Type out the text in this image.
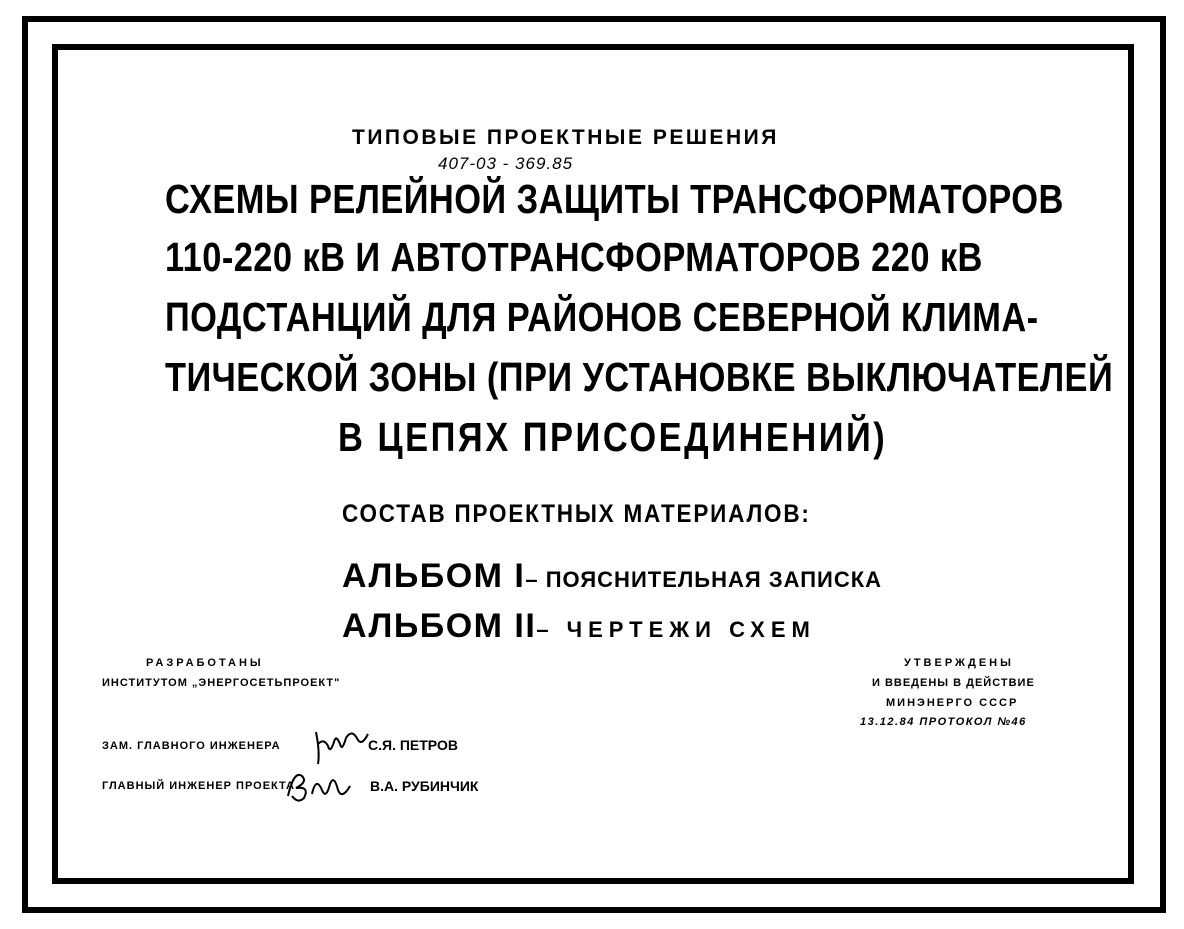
ТИПОВЫЕ ПРОЕКТНЫЕ РЕШЕНИЯ

407-03 - 369.85

СХЕМЫ РЕЛЕЙНОЙ ЗАЩИТЫ ТРАНСФОРМАТОРОВ

110-220 кВ И АВТОТРАНСФОРМАТОРОВ 220 кВ

ПОДСТАНЦИЙ ДЛЯ РАЙОНОВ СЕВЕРНОЙ КЛИМА-

ТИЧЕСКОЙ ЗОНЫ (ПРИ УСТАНОВКЕ ВЫКЛЮЧАТЕЛЕЙ

В ЦЕПЯХ ПРИСОЕДИНЕНИЙ)

СОСТАВ ПРОЕКТНЫХ МАТЕРИАЛОВ:

АЛЬБОМ I– ПОЯСНИТЕЛЬНАЯ ЗАПИСКА

АЛЬБОМ II– ЧЕРТЕЖИ СХЕМ

РАЗРАБОТАНЫ

ИНСТИТУТОМ „ЭНЕРГОСЕТЬПРОЕКТ"

УТВЕРЖДЕНЫ

И ВВЕДЕНЫ В ДЕЙСТВИЕ

МИНЭНЕРГО СССР

13.12.84 ПРОТОКОЛ №46

ЗАМ. ГЛАВНОГО ИНЖЕНЕРА	С.Я. ПЕТРОВ

ГЛАВНЫЙ ИНЖЕНЕР ПРОЕКТА	В.А. РУБИНЧИК
